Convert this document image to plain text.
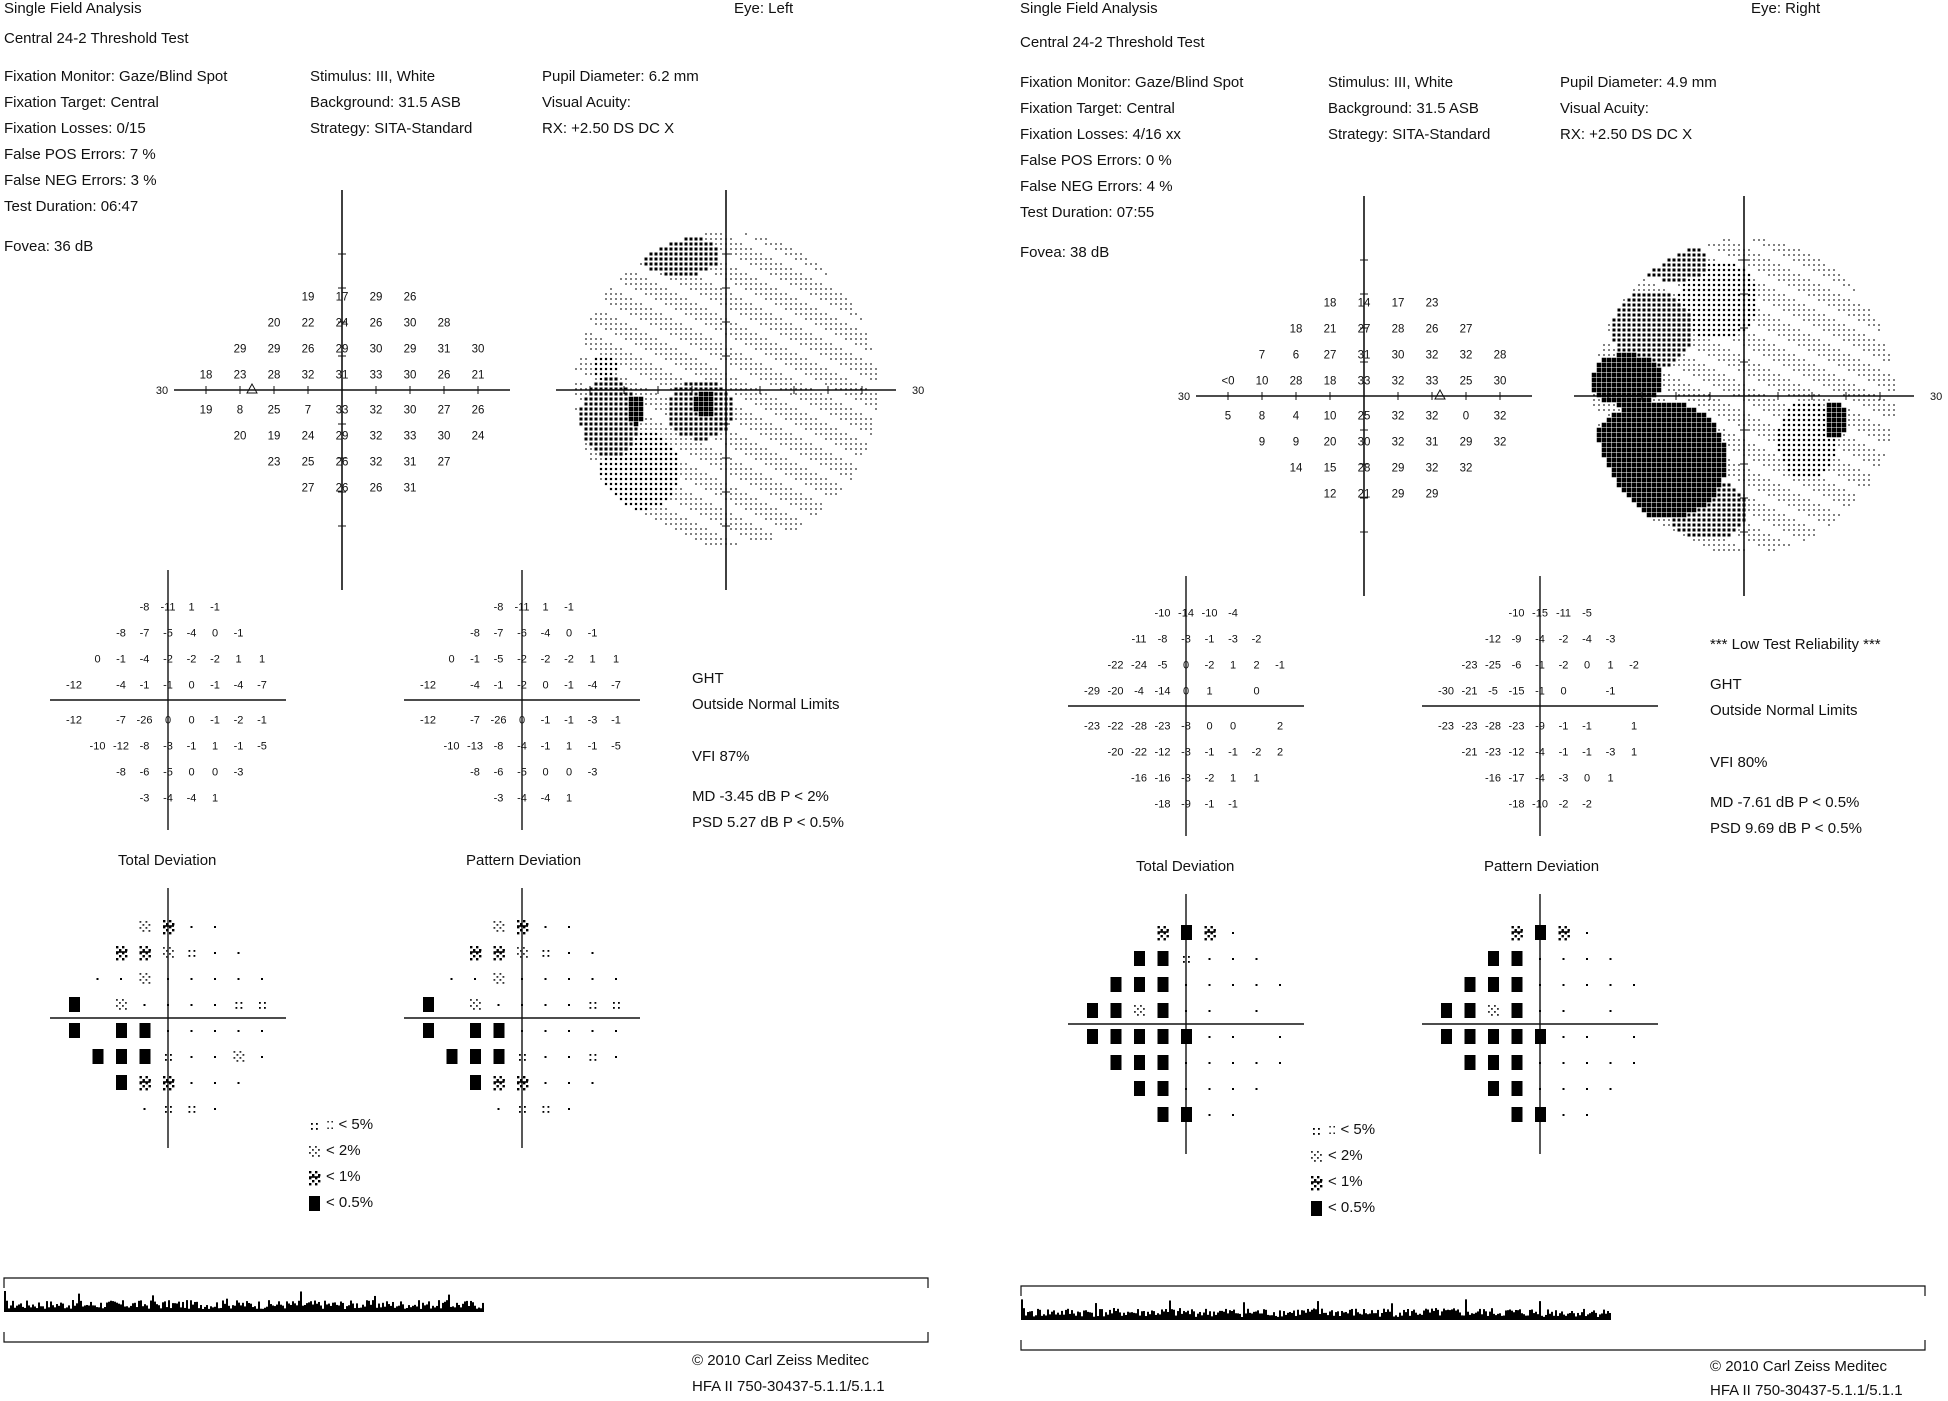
Single Field Analysis	Eye: Left
Central 24-2 Threshold Test
Fixation Monitor: Gaze/Blind Spot
Fixation Target: Central
Fixation Losses: 0/15
False POS Errors: 7 %
False NEG Errors: 3 %
Test Duration: 06:47
Stimulus: III, White
Background: 31.5 ASB
Strategy: SITA-Standard
Pupil Diameter: 6.2 mm
Visual Acuity:
RX: +2.50 DS DC X
Fovea: 36 dB
30
19 17 29 26
20 22 24 26 30 28
29 29 26 29 30 29 31 30
18 23 28 32 31 33 30 26 21
19 8 25 7 33 32 30 27 26
20 19 24 29 32 33 30 24
23 25 26 32 31 27
27 26 26 31
30
-8 -11 1 -1
-8 -7 -5 -4 0 -1
0 -1 -4 -2 -2 -2 1 1
-12	-4 -1 -1 0 -1 -4 -7
-12	-7 -26 0 0 -1 -2 -1
-10 -12 -8 -3 -1 1 -1 -5
-8 -6 -5 0 0 -3
-3 -4 -4 1
-8 -11 1 -1
-8 -7 -6 -4 0 -1
0 -1 -5 -2 -2 -2 1 1
-12	-4 -1 -2 0 -1 -4 -7
-12	-7 -26 0 -1 -1 -3 -1
-10 -13 -8 -4 -1 1 -1 -5
-8 -6 -5 0 0 -3
-3 -4 -4 1
Total Deviation	Pattern Deviation
GHT
Outside Normal Limits
VFI 87%
MD -3.45 dB P < 2%
PSD 5.27 dB P < 0.5%
:: < 5%
< 2%
< 1%
< 0.5%
© 2010 Carl Zeiss Meditec
HFA II 750-30437-5.1.1/5.1.1
Single Field Analysis	Eye: Right
Central 24-2 Threshold Test
Fixation Monitor: Gaze/Blind Spot
Fixation Target: Central
Fixation Losses: 4/16 xx
False POS Errors: 0 %
False NEG Errors: 4 %
Test Duration: 07:55
Stimulus: III, White
Background: 31.5 ASB
Strategy: SITA-Standard
Pupil Diameter: 4.9 mm
Visual Acuity:
RX: +2.50 DS DC X
Fovea: 38 dB
30
18 14 17 23
18 21 27 28 26 27
7 6 27 31 30 32 32 28
<0 10 28 18 33 32 33 25 30
5 8 4 10 25 32 32 0 32
9 9 20 30 32 31 29 32
14 15 28 29 32 32
12 21 29 29
30
-10 -14 -10 -4
-11 -8 -3 -1 -3 -2
-22 -24 -5 0 -2 1 2 -1
-29 -20 -4 -14 0 1	0
-23 -22 -28 -23 -8 0 0	2
-20 -22 -12 -3 -1 -1 -2 2
-16 -16 -3 -2 1 1
-18 -9 -1 -1
-10 -15 -11 -5
-12 -9 -4 -2 -4 -3
-23 -25 -6 -1 -2 0 1 -2
-30 -21 -5 -15 -1 0	-1
-23 -23 -28 -23 -9 -1 -1	1
-21 -23 -12 -4 -1 -1 -3 1
-16 -17 -4 -3 0 1
-18 -10 -2 -2
Total Deviation	Pattern Deviation
*** Low Test Reliability ***
GHT
Outside Normal Limits
VFI 80%
MD -7.61 dB P < 0.5%
PSD 9.69 dB P < 0.5%
:: < 5%
< 2%
< 1%
< 0.5%
© 2010 Carl Zeiss Meditec
HFA II 750-30437-5.1.1/5.1.1
